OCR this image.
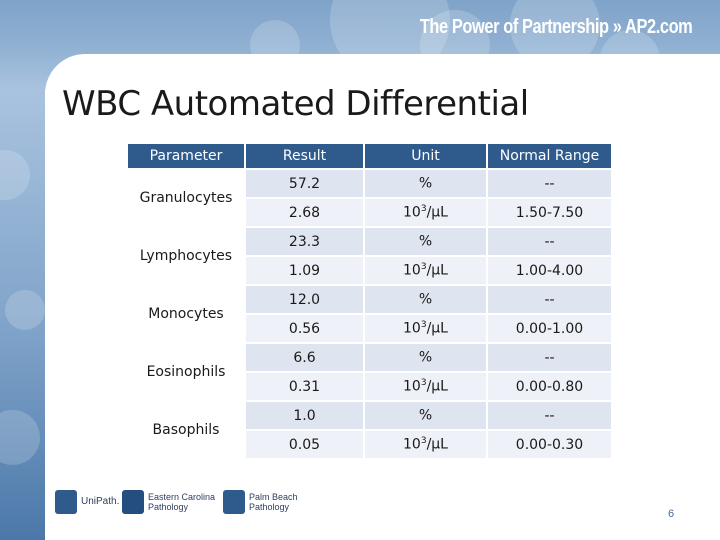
The Power of Partnership » AP2.com
WBC Automated Differential
Parameter	Result	Unit	Normal Range
Granulocytes	57.2	%	--
	2.68	$10^3/\mu L$	1.50-7.50
Lymphocytes	23.3	%	--
	1.09	$10^3/\mu L$	1.00-4.00
Monocytes	12.0	%	--
	0.56	$10^3/\mu L$	0.00-1.00
Eosinophils	6.6	%	--
	0.31	$10^3/\mu L$	0.00-0.80
Basophils	1.0	%	--
	0.05	$10^3/\mu L$	0.00-0.30
UniPath.	Eastern Carolina
Pathology
Palm Beach
Pathology
6
